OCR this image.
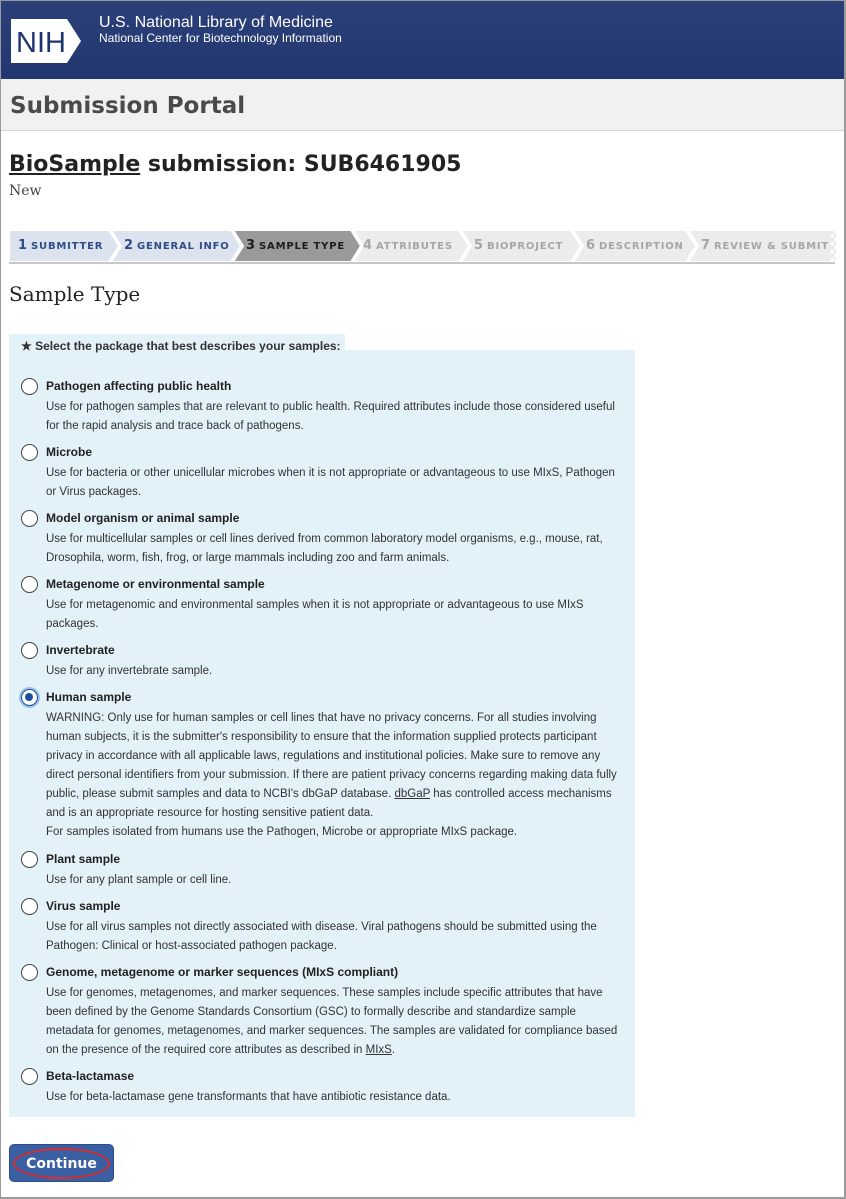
NIH
U.S. National Library of Medicine
National Center for Biotechnology Information
Submission Portal
BioSample submission: SUB6461905
New
1 SUBMITTER 2 GENERAL INFO 3 SAMPLE TYPE 4 ATTRIBUTES 5 BIOPROJECT 6 DESCRIPTION 7 REVIEW & SUBMIT
Sample Type
Pathogen affecting public health
Use for pathogen samples that are relevant to public health. Required attributes include those considered useful for the rapid analysis and trace back of pathogens.
Microbe
Use for bacteria or other unicellular microbes when it is not appropriate or advantageous to use MIxS, Pathogen or Virus packages.
Model organism or animal sample
Use for multicellular samples or cell lines derived from common laboratory model organisms, e.g., mouse, rat, Drosophila, worm, fish, frog, or large mammals including zoo and farm animals.
Metagenome or environmental sample
Use for metagenomic and environmental samples when it is not appropriate or advantageous to use MIxS packages.
Invertebrate
Use for any invertebrate sample.
Human sample
WARNING: Only use for human samples or cell lines that have no privacy concerns. For all studies involving human subjects, it is the submitter's responsibility to ensure that the information supplied protects participant privacy in accordance with all applicable laws, regulations and institutional policies. Make sure to remove any direct personal identifiers from your submission. If there are patient privacy concerns regarding making data fully public, please submit samples and data to NCBI's dbGaP database. dbGaP has controlled access mechanisms and is an appropriate resource for hosting sensitive patient data.
For samples isolated from humans use the Pathogen, Microbe or appropriate MIxS package.
Plant sample
Use for any plant sample or cell line.
Virus sample
Use for all virus samples not directly associated with disease. Viral pathogens should be submitted using the Pathogen: Clinical or host-associated pathogen package.
Genome, metagenome or marker sequences (MIxS compliant)
Use for genomes, metagenomes, and marker sequences. These samples include specific attributes that have been defined by the Genome Standards Consortium (GSC) to formally describe and standardize sample metadata for genomes, metagenomes, and marker sequences. The samples are validated for compliance based on the presence of the required core attributes as described in MIxS.
Beta-lactamase
Use for beta-lactamase gene transformants that have antibiotic resistance data.
★ Select the package that best describes your samples:
Continue
